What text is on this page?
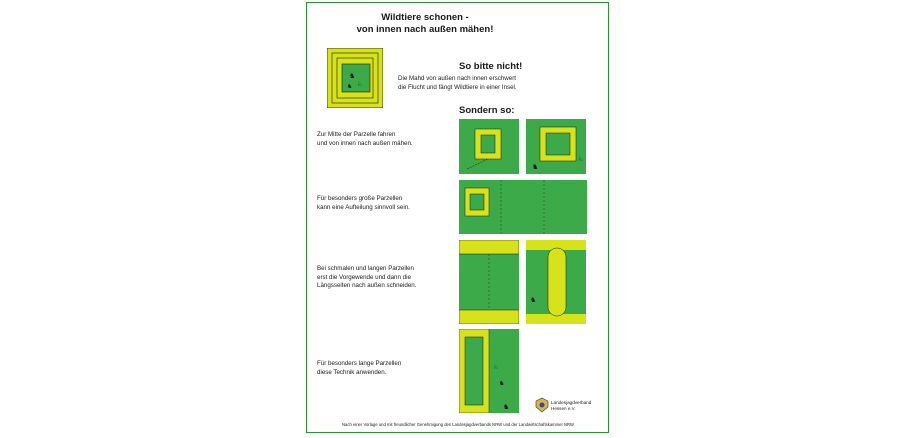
Wildtiere schonen -
von innen nach außen mähen!
♞
♘
♞
So bitte nicht!
Die Mahd von außen nach innen erschwert
die Flucht und fängt Wildtiere in einer Insel.
Sondern so:
Zur Mitte der Parzelle fahren
und von innen nach außen mähen.
♞
♘
Für besonders große Parzellen
kann eine Aufteilung sinnvoll sein.
Bei schmalen und langen Parzellen
erst die Vorgewende und dann die
Längsseiten nach außen schneiden.
♞
Für besonders lange Parzellen
diese Technik anwenden.
♘
♞
♞
Landesjagdverband
Hessen e.V.
Nach einer Vorlage und mit freundlicher Genehmigung des Landesjagdverbands NRW und der Landwirtschaftskammer NRW
